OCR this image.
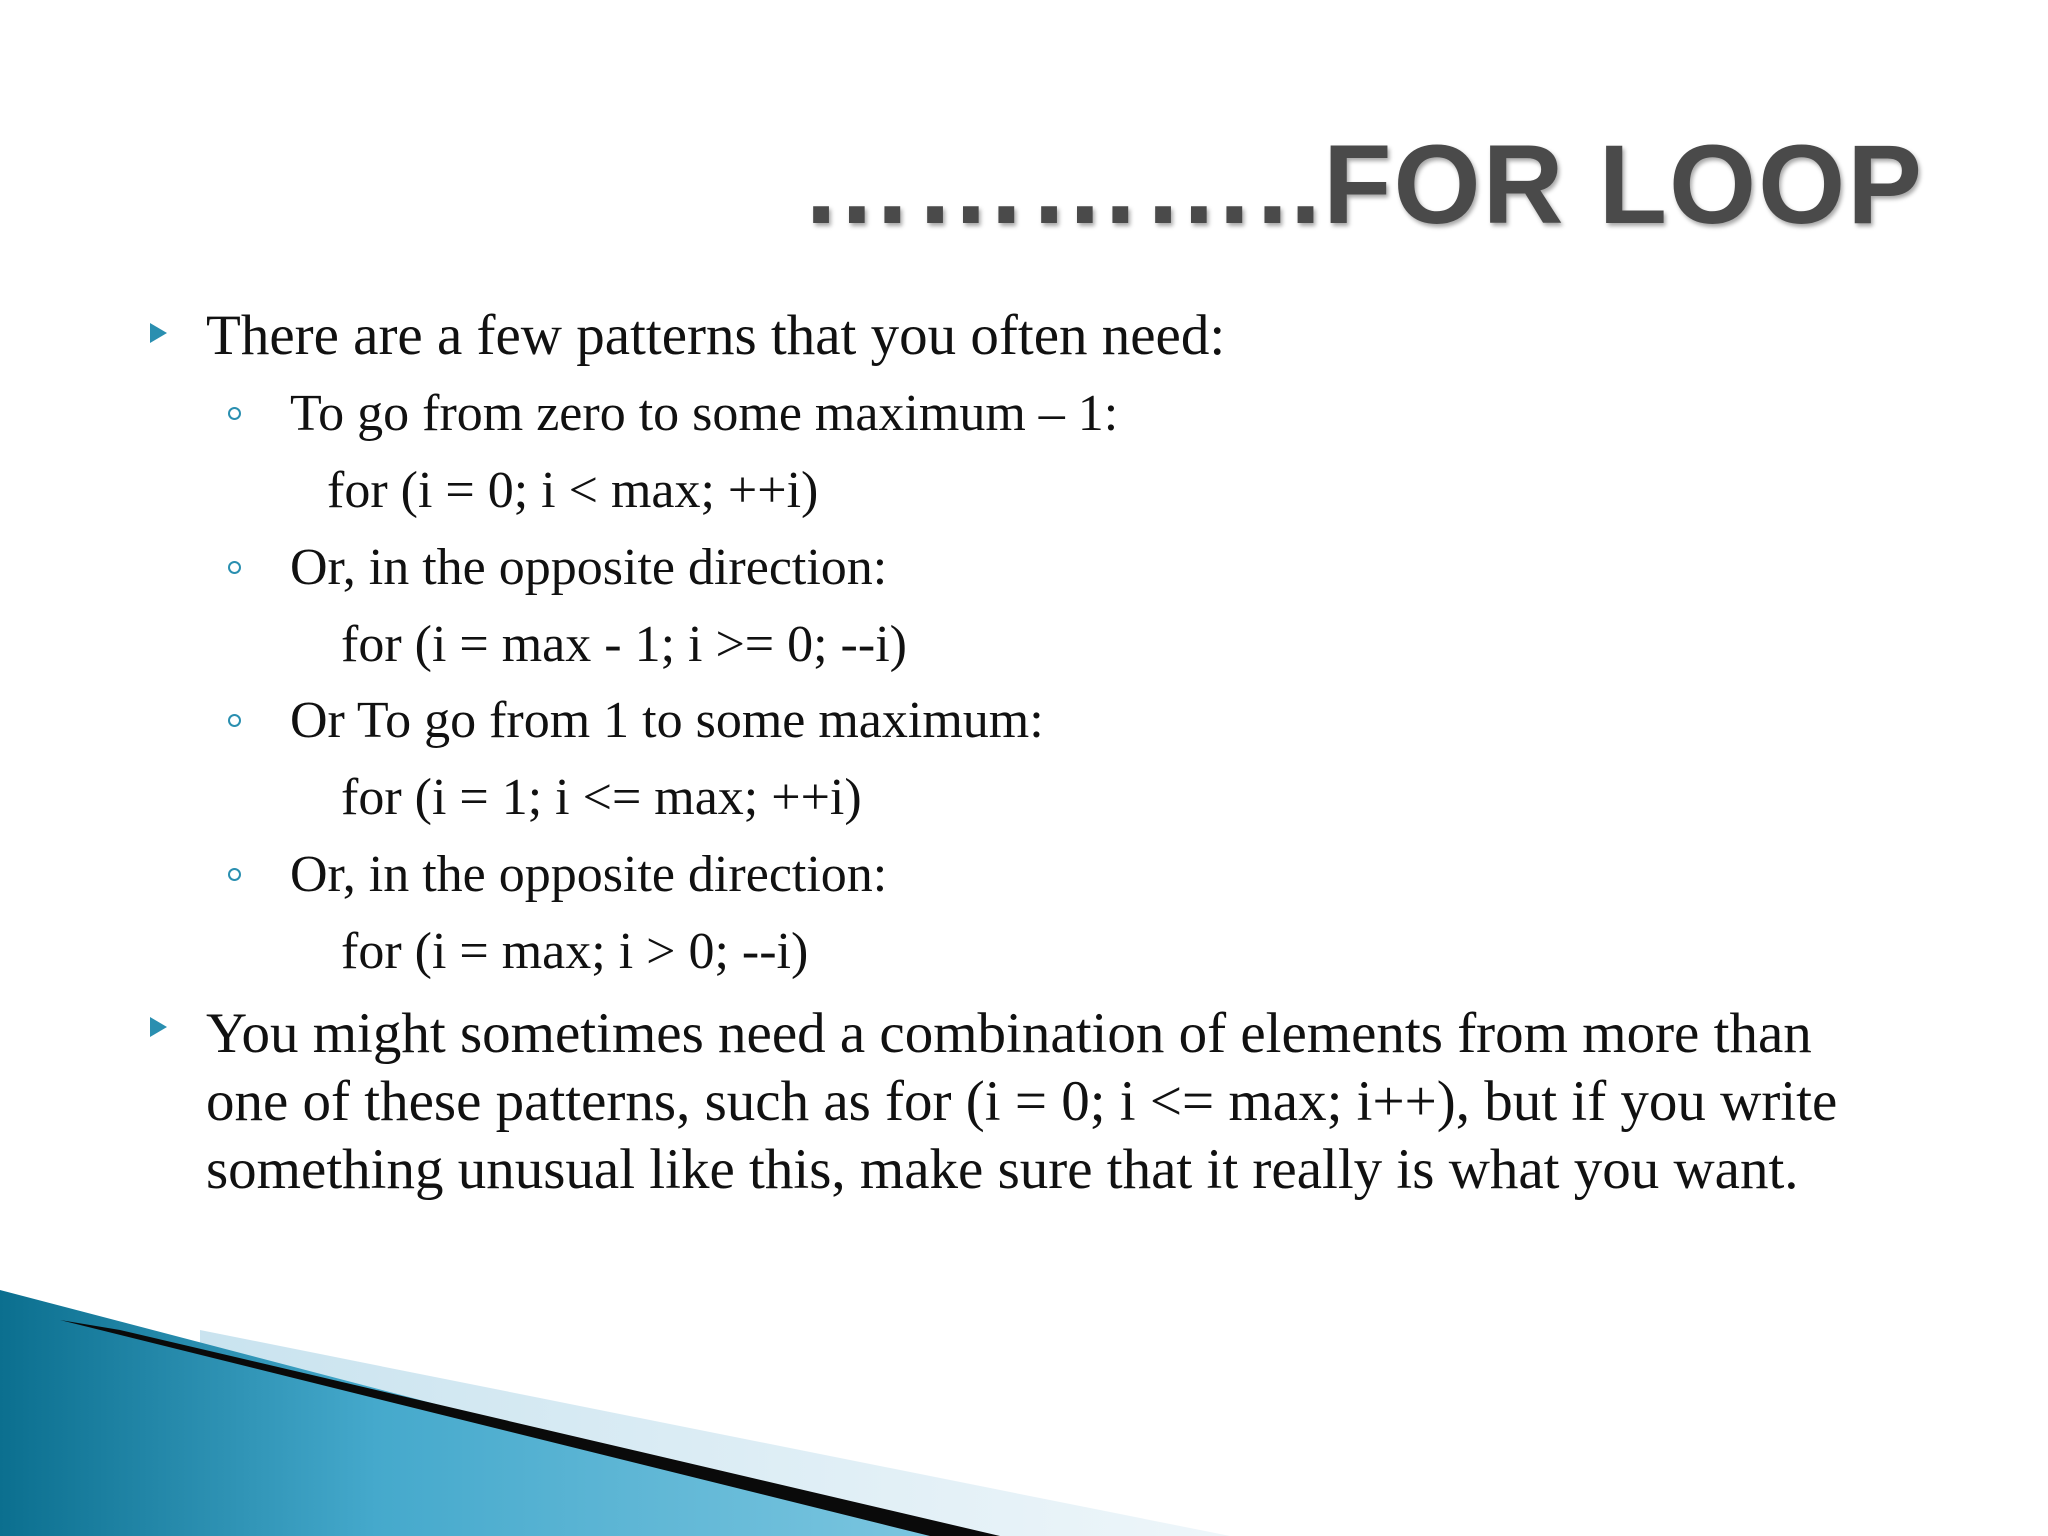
…………..FOR LOOP
There are a few patterns that you often need:
To go from zero to some maximum – 1:
for (i = 0; i < max; ++i)
Or, in the opposite direction:
for (i = max - 1; i >= 0; --i)
Or To go from 1 to some maximum:
for (i = 1; i <= max; ++i)
Or, in the opposite direction:
for (i = max; i > 0; --i)
You might sometimes need a combination of elements from more than one of these patterns, such as for (i = 0; i <= max; i++), but if you write something unusual like this, make sure that it really is what you want.
